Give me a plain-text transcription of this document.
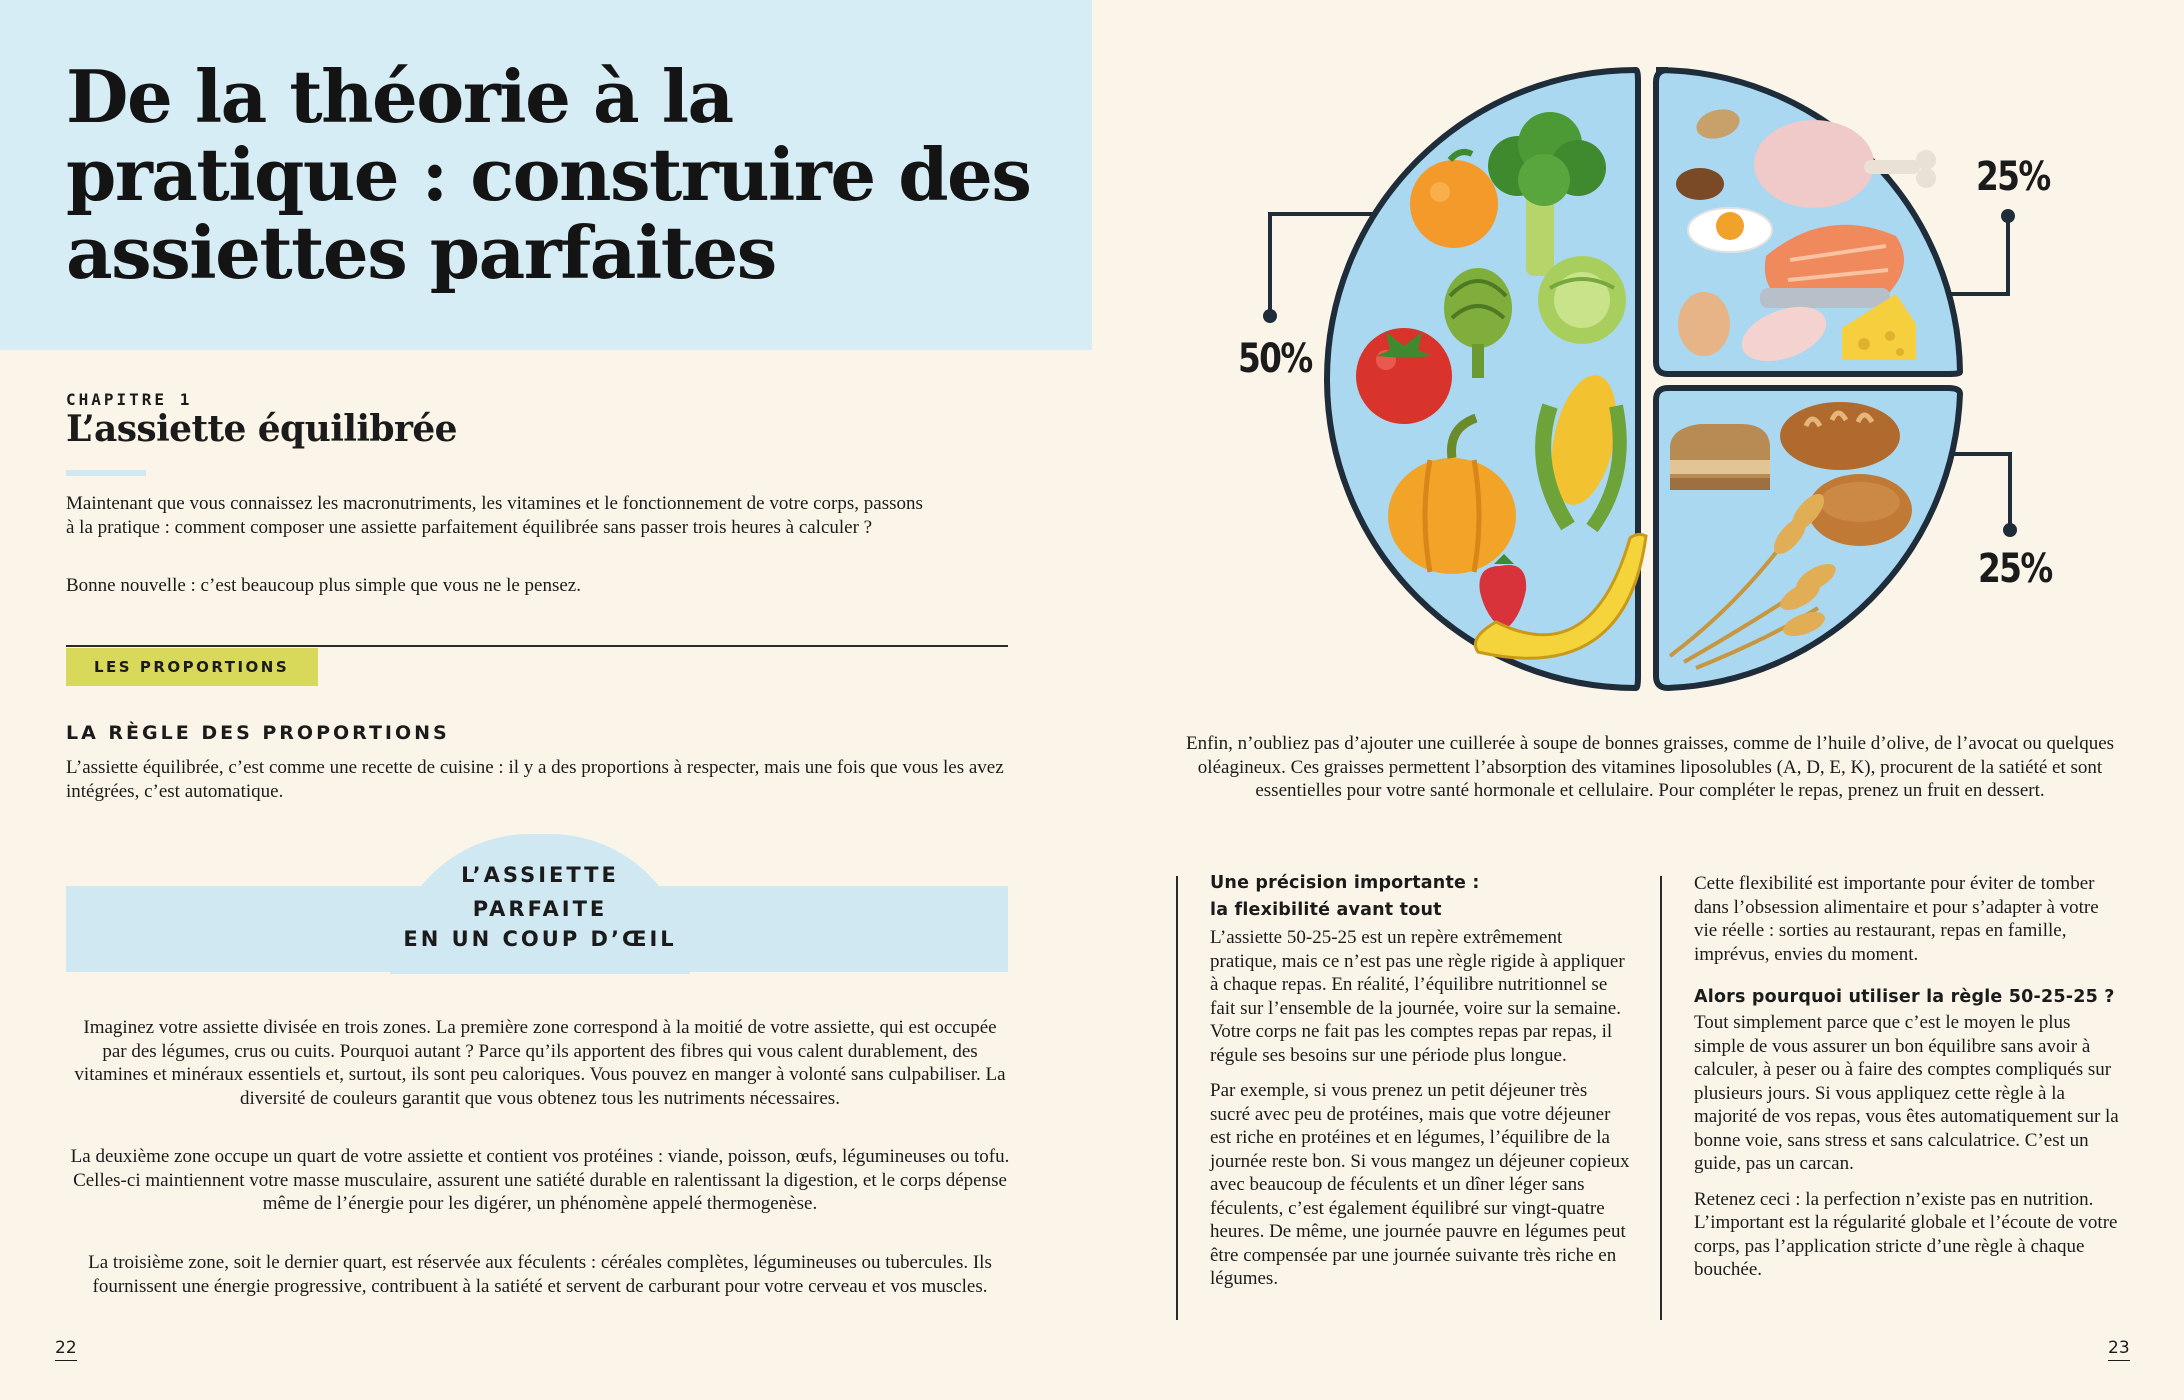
De la théorie à la pratique : construire des assiettes parfaites
CHAPITRE 1
L’assiette équilibrée

Maintenant que vous connaissez les macronutriments, les vitamines et le fonctionnement de votre corps, passons à la pratique : comment composer une assiette parfaitement équilibrée sans passer trois heures à calculer ?

Bonne nouvelle : c’est beaucoup plus simple que vous ne le pensez.

LES PROPORTIONS
LA RÈGLE DES PROPORTIONS

L’assiette équilibrée, c’est comme une recette de cuisine : il y a des proportions à respecter, mais une fois que vous les avez intégrées, c’est automatique.

L’ASSIETTE
PARFAITE
EN UN COUP D’ŒIL
Imaginez votre assiette divisée en trois zones. La première zone correspond à la moitié de votre assiette, qui est occupée par des légumes, crus ou cuits. Pourquoi autant ? Parce qu’ils apportent des fibres qui vous calent durablement, des vitamines et minéraux essentiels et, surtout, ils sont peu caloriques. Vous pouvez en manger à volonté sans culpabiliser. La diversité de couleurs garantit que vous obtenez tous les nutriments nécessaires.
La deuxième zone occupe un quart de votre assiette et contient vos protéines : viande, poisson, œufs, légumineuses ou tofu. Celles-ci maintiennent votre masse musculaire, assurent une satiété durable en ralentissant la digestion, et le corps dépense même de l’énergie pour les digérer, un phénomène appelé thermogenèse.
La troisième zone, soit le dernier quart, est réservée aux féculents : céréales complètes, légumineuses ou tubercules. Ils fournissent une énergie progressive, contribuent à la satiété et servent de carburant pour votre cerveau et vos muscles.
22
50%
25%
25%
Enfin, n’oubliez pas d’ajouter une cuillerée à soupe de bonnes graisses, comme de l’huile d’olive, de l’avocat ou quelques oléagineux. Ces graisses permettent l’absorption des vitamines liposolubles (A, D, E, K), procurent de la satiété et sont essentielles pour votre santé hormonale et cellulaire. Pour compléter le repas, prenez un fruit en dessert.
Une précision importante :
la flexibilité avant tout

L’assiette 50-25-25 est un repère extrêmement pratique, mais ce n’est pas une règle rigide à appliquer à chaque repas. En réalité, l’équilibre nutritionnel se fait sur l’ensemble de la journée, voire sur la semaine. Votre corps ne fait pas les comptes repas par repas, il régule ses besoins sur une période plus longue.

Par exemple, si vous prenez un petit déjeuner très sucré avec peu de protéines, mais que votre déjeuner est riche en protéines et en légumes, l’équilibre de la journée reste bon. Si vous mangez un déjeuner copieux avec beaucoup de féculents et un dîner léger sans féculents, c’est également équilibré sur vingt-quatre heures. De même, une journée pauvre en légumes peut être compensée par une journée suivante très riche en légumes.

Cette flexibilité est importante pour éviter de tomber dans l’obsession alimentaire et pour s’adapter à votre vie réelle : sorties au restaurant, repas en famille, imprévus, envies du moment.

Alors pourquoi utiliser la règle 50-25-25 ?

Tout simplement parce que c’est le moyen le plus simple de vous assurer un bon équilibre sans avoir à calculer, à peser ou à faire des comptes compliqués sur plusieurs jours. Si vous appliquez cette règle à la majorité de vos repas, vous êtes automatiquement sur la bonne voie, sans stress et sans calculatrice. C’est un guide, pas un carcan.

Retenez ceci : la perfection n’existe pas en nutrition. L’important est la régularité globale et l’écoute de votre corps, pas l’application stricte d’une règle à chaque bouchée.

23
